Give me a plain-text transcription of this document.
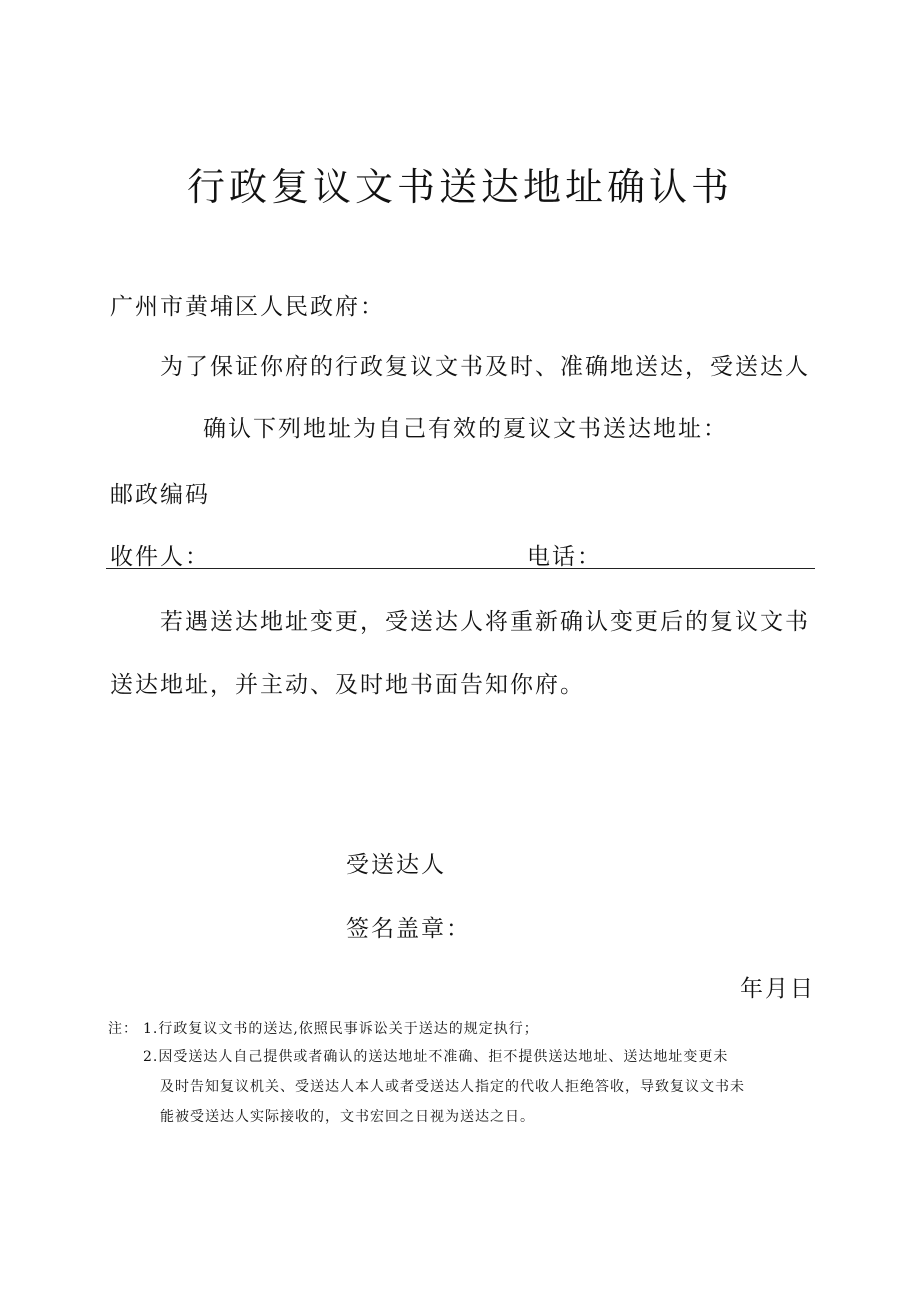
行政复议文书送达地址确认书
广州市黄埔区人民政府：
为了保证你府的行政复议文书及时、准确地送达，受送达人
确认下列地址为自己有效的夏议文书送达地址：
邮政编码
收件人：	电话：
若遇送达地址变更，受送达人将重新确认变更后的复议文书
送达地址，并主动、及时地书面告知你府。
受送达人
签名盖章：
年月日
注： 1.行政复议文书的送达,依照民事诉讼关于送达的规定执行；
2.因受送达人自己提供或者确认的送达地址不准确、拒不提供送达地址、送达地址变更未
及时告知复议机关、受送达人本人或者受送达人指定的代收人拒绝答收，导致复议文书未
能被受送达人实际接收的，文书宏回之日视为送达之日。
